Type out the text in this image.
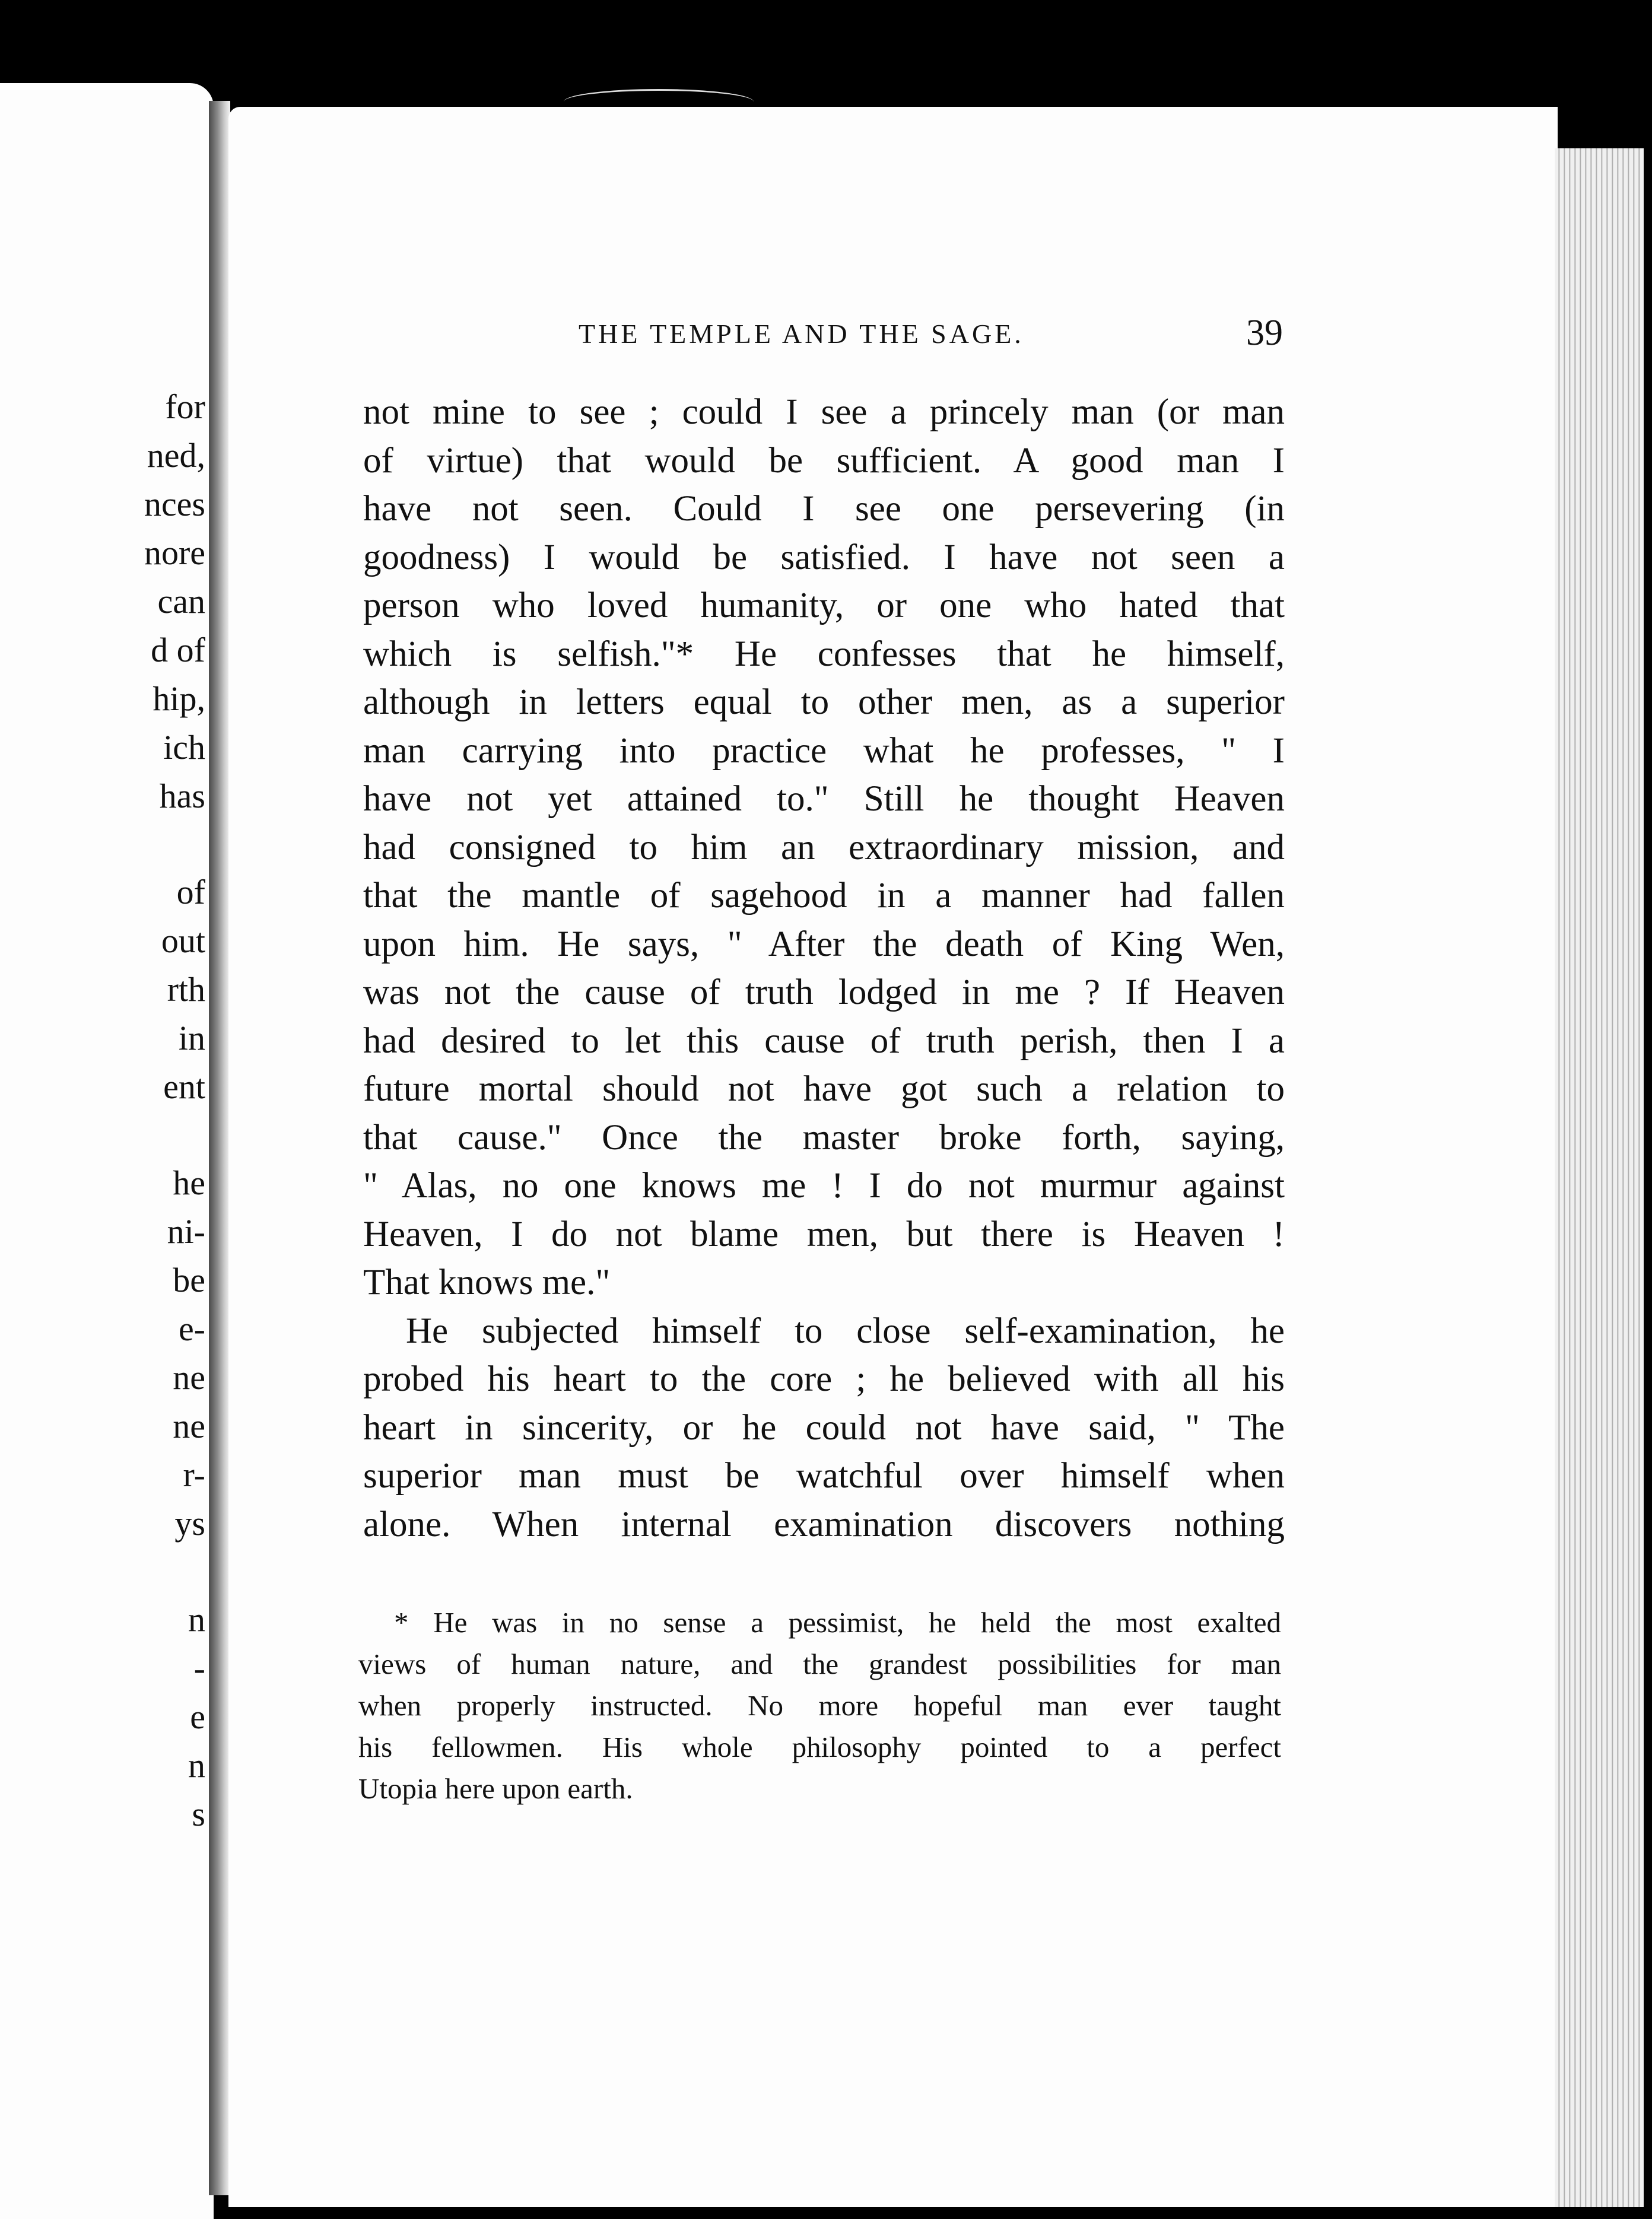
for
ned,
nces
nore
can
d of
hip,
ich
has
of
out
rth
in
ent
he
ni-
be
e-
ne
ne
r-
ys
n
-
e
n
s
THE TEMPLE AND THE SAGE.	39
not mine to see ; could I see a princely man (or man
of virtue) that would be sufficient. A good man I
have not seen. Could I see one persevering (in
goodness) I would be satisfied. I have not seen a
person who loved humanity, or one who hated that
which is selfish."* He confesses that he himself,
although in letters equal to other men, as a superior
man carrying into practice what he professes, " I
have not yet attained to." Still he thought Heaven
had consigned to him an extraordinary mission, and
that the mantle of sagehood in a manner had fallen
upon him. He says, " After the death of King Wen,
was not the cause of truth lodged in me ? If Heaven
had desired to let this cause of truth perish, then I a
future mortal should not have got such a relation to
that cause." Once the master broke forth, saying,
" Alas, no one knows me ! I do not murmur against
Heaven, I do not blame men, but there is Heaven !
That knows me."
He subjected himself to close self-examination, he
probed his heart to the core ; he believed with all his
heart in sincerity, or he could not have said, " The
superior man must be watchful over himself when
alone. When internal examination discovers nothing
* He was in no sense a pessimist, he held the most exalted
views of human nature, and the grandest possibilities for man
when properly instructed. No more hopeful man ever taught
his fellowmen. His whole philosophy pointed to a perfect
Utopia here upon earth.
